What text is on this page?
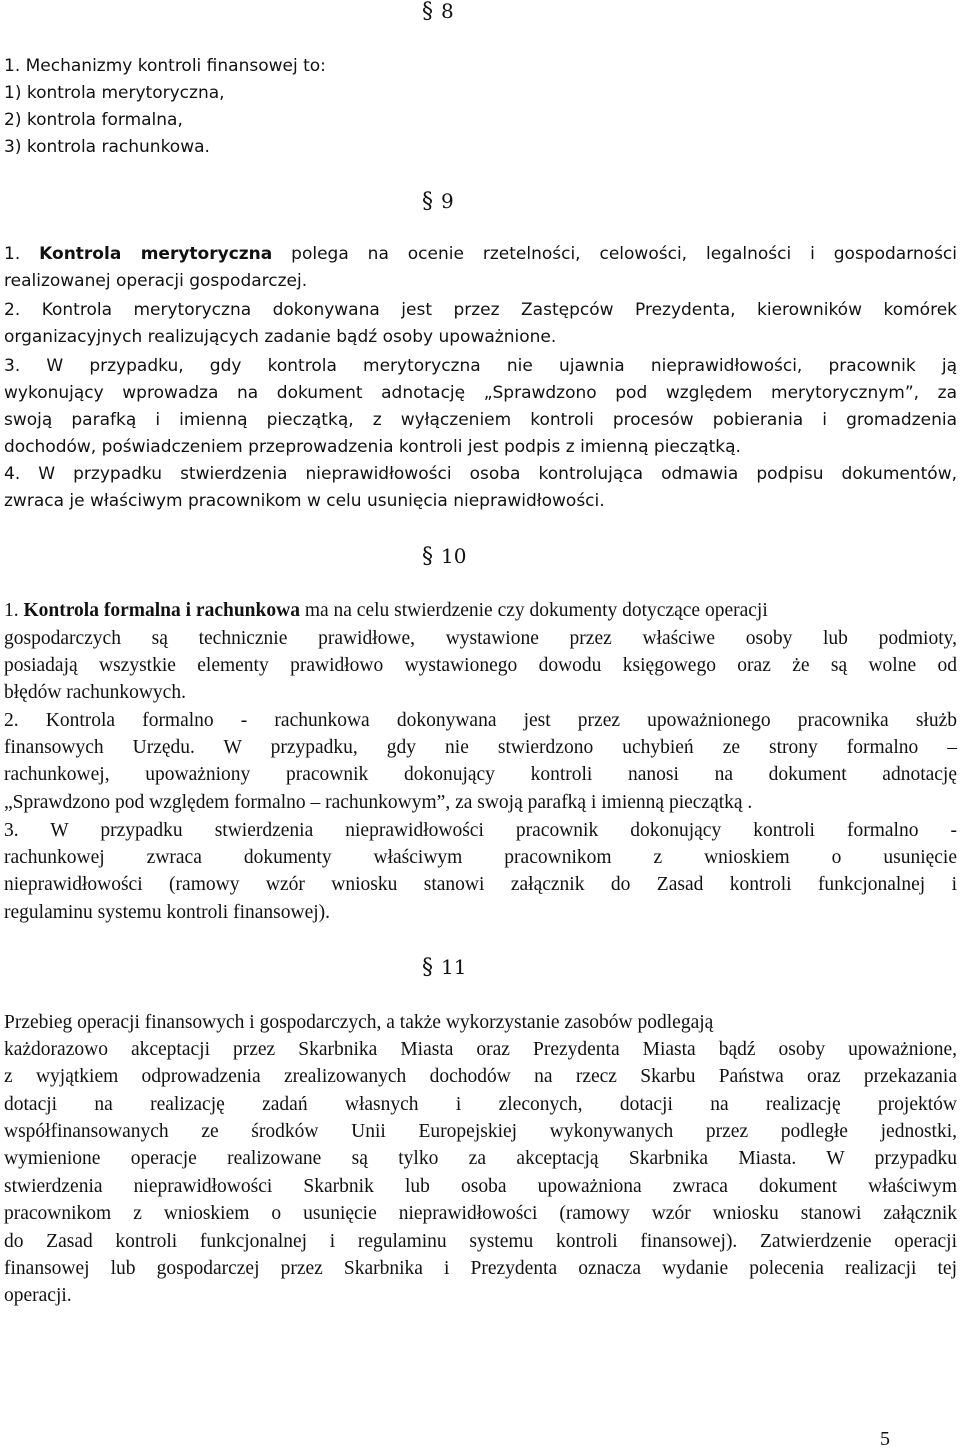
§ 8
1. Mechanizmy kontroli finansowej to:
1) kontrola merytoryczna,
2) kontrola formalna,
3) kontrola rachunkowa.
§ 9
1. Kontrola merytoryczna polega na ocenie rzetelności, celowości, legalności i gospodarności
realizowanej operacji gospodarczej.
2. Kontrola merytoryczna dokonywana jest przez Zastępców Prezydenta, kierowników komórek
organizacyjnych realizujących zadanie bądź osoby upoważnione.
3. W przypadku, gdy kontrola merytoryczna nie ujawnia nieprawidłowości, pracownik ją
wykonujący wprowadza na dokument adnotację „Sprawdzono pod względem merytorycznym”, za
swoją parafką i imienną pieczątką, z wyłączeniem kontroli procesów pobierania i gromadzenia
dochodów, poświadczeniem przeprowadzenia kontroli jest podpis z imienną pieczątką.
4. W przypadku stwierdzenia nieprawidłowości osoba kontrolująca odmawia podpisu dokumentów,
zwraca je właściwym pracownikom w celu usunięcia nieprawidłowości.
§ 10
1. Kontrola formalna i rachunkowa ma na celu stwierdzenie czy dokumenty dotyczące operacji
gospodarczych są technicznie prawidłowe, wystawione przez właściwe osoby lub podmioty,
posiadają wszystkie elementy prawidłowo wystawionego dowodu księgowego oraz że są wolne od
błędów rachunkowych.
2. Kontrola formalno - rachunkowa dokonywana jest przez upoważnionego pracownika służb
finansowych Urzędu. W przypadku, gdy nie stwierdzono uchybień ze strony formalno –
rachunkowej, upoważniony pracownik dokonujący kontroli nanosi na dokument adnotację
„Sprawdzono pod względem formalno – rachunkowym”, za swoją parafką i imienną pieczątką .
3. W przypadku stwierdzenia nieprawidłowości pracownik dokonujący kontroli formalno -
rachunkowej zwraca dokumenty właściwym pracownikom z wnioskiem o usunięcie
nieprawidłowości (ramowy wzór wniosku stanowi załącznik do Zasad kontroli funkcjonalnej i
regulaminu systemu kontroli finansowej).
§ 11
Przebieg operacji finansowych i gospodarczych, a także wykorzystanie zasobów podlegają
każdorazowo akceptacji przez Skarbnika Miasta oraz Prezydenta Miasta bądź osoby upoważnione,
z wyjątkiem odprowadzenia zrealizowanych dochodów na rzecz Skarbu Państwa oraz przekazania
dotacji na realizację zadań własnych i zleconych, dotacji na realizację projektów
współfinansowanych ze środków Unii Europejskiej wykonywanych przez podległe jednostki,
wymienione operacje realizowane są tylko za akceptacją Skarbnika Miasta. W przypadku
stwierdzenia nieprawidłowości Skarbnik lub osoba upoważniona zwraca dokument właściwym
pracownikom z wnioskiem o usunięcie nieprawidłowości (ramowy wzór wniosku stanowi załącznik
do Zasad kontroli funkcjonalnej i regulaminu systemu kontroli finansowej). Zatwierdzenie operacji
finansowej lub gospodarczej przez Skarbnika i Prezydenta oznacza wydanie polecenia realizacji tej
operacji.
5
